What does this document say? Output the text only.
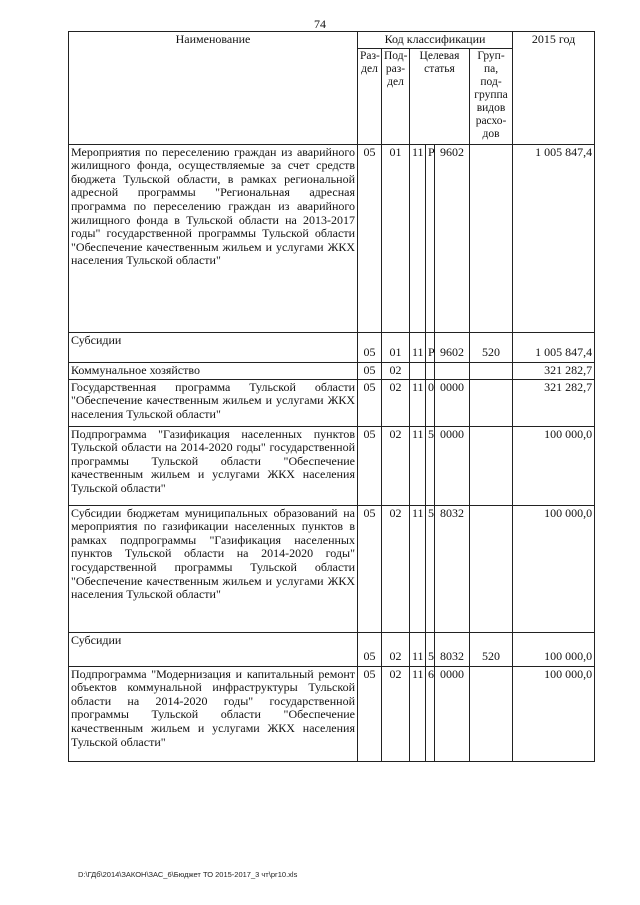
74
Наименование	Код классификации						2015 год
	Раз-дел	Под-раз-дел	Целевая статья			Груп-па, под-группа видов расхо-дов	
Мероприятия по переселению граждан из аварийного жилищного фонда, осуществляемые за счет средств бюджета Тульской области, в рамках региональной адресной программы "Региональная адресная программа по переселению граждан из аварийного жилищного фонда в Тульской области на 2013-2017 годы" государственной программы Тульской области "Обеспечение качественным жильем и услугами ЖКХ населения Тульской области"	05	01	11	Р	9602		1 005 847,4
Субсидии	05	01	11	Р	9602	520	1 005 847,4
Коммунальное хозяйство	05	02					321 282,7
Государственная программа Тульской области "Обеспечение качественным жильем и услугами ЖКХ населения Тульской области"	05	02	11	0	0000		321 282,7
Подпрограмма "Газификация населенных пунктов Тульской области на 2014-2020 годы" государственной программы Тульской области "Обеспечение качественным жильем и услугами ЖКХ населения Тульской области"	05	02	11	5	0000		100 000,0
Субсидии бюджетам муниципальных образований на мероприятия по газификации населенных пунктов в рамках подпрограммы "Газификация населенных пунктов Тульской области на 2014-2020 годы" государственной программы Тульской области "Обеспечение качественным жильем и услугами ЖКХ населения Тульской области"	05	02	11	5	8032		100 000,0
Субсидии	05	02	11	5	8032	520	100 000,0
Подпрограмма "Модернизация и капитальный ремонт объектов коммунальной инфраструктуры Тульской области на 2014-2020 годы" государственной программы Тульской области "Обеспечение качественным жильем и услугами ЖКХ населения Тульской области"	05	02	11	6	0000		100 000,0
D:\ГДб\2014\ЗАКОН\ЗАС_6\Бюджет ТО 2015-2017_3 чт\рг10.xls
